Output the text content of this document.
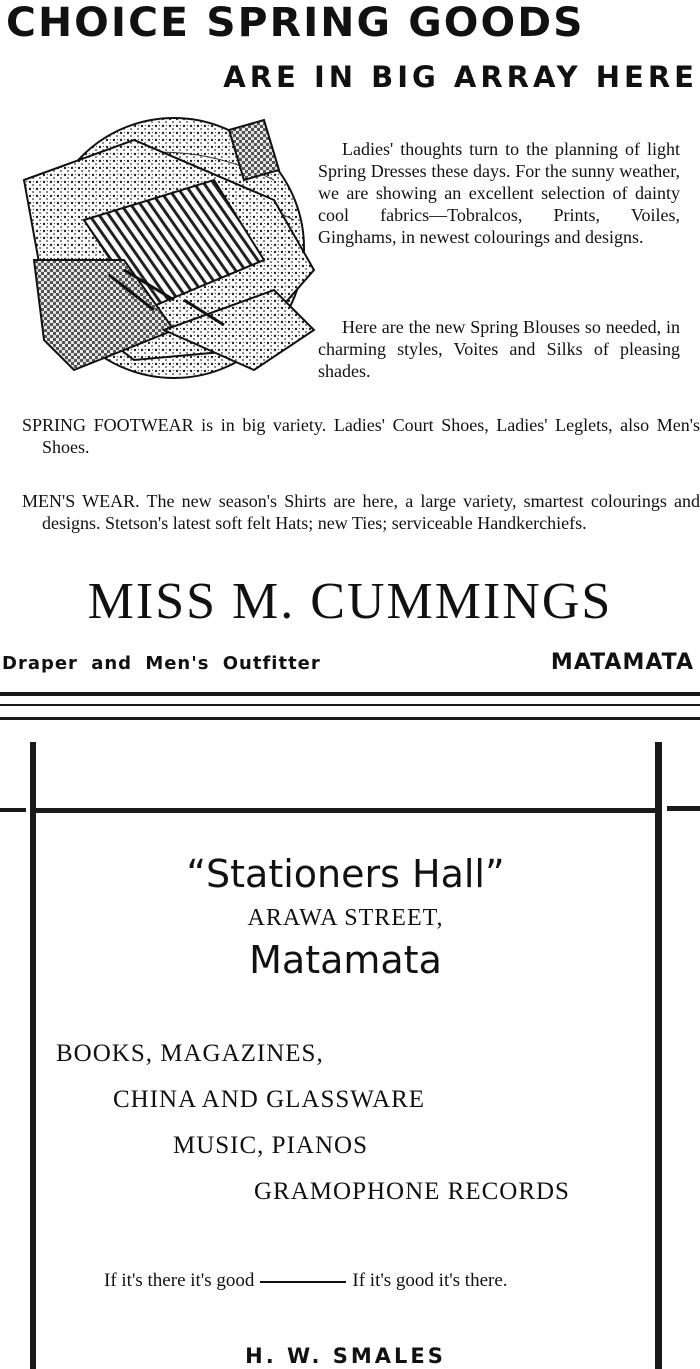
CHOICE SPRING GOODS
ARE IN BIG ARRAY HERE
Ladies' thoughts turn to the planning of light Spring Dresses these days. For the sunny weather, we are showing an excellent selection of dainty cool fabrics—Tobralcos, Prints, Voiles, Ginghams, in newest colourings and designs.
Here are the new Spring Blouses so needed, in charming styles, Voites and Silks of pleasing shades.
SPRING FOOTWEAR is in big variety. Ladies' Court Shoes, Ladies' Leglets, also Men's Shoes.
MEN'S WEAR. The new season's Shirts are here, a large variety, smartest colourings and designs. Stetson's latest soft felt Hats; new Ties; serviceable Handkerchiefs.
MISS M. CUMMINGS
Draper and Men's Outfitter	MATAMATA
“Stationers Hall”
ARAWA STREET,
Matamata
BOOKS, MAGAZINES,
CHINA AND GLASSWARE
MUSIC, PIANOS
GRAMOPHONE RECORDS
If it's there it's good	If it's good it's there.
H. W. SMALES
